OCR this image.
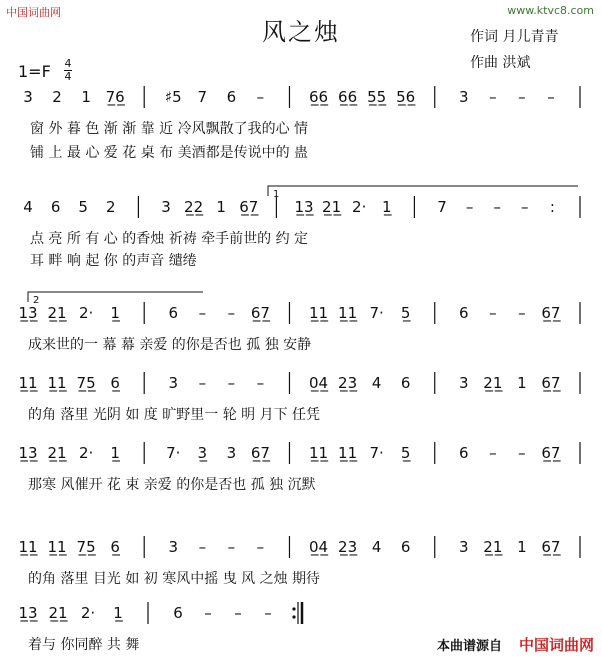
中国词曲网	www.ktvc8.com
风之烛	作词 月儿青青
作曲 洪斌
1=F 4
4
3 2 1 7̲6̲	♯5 7 6 –	6̲6̲ 6̲6̲ 5̲5̲ 5̲6̲	3 – – –
1
4 6 5 2	3 2̲2̲ 1 6̲7̲ 1̲3̲ 2̲1̲ 2· 1̲	7 – – – :
2
1̲3̲ 2̲1̲ 2· 1̲	6 – – 6̲7̲	1̲1̲ 1̲1̲ 7· 5̲	6 – – 6̲7̲
1̲1̲ 1̲1̲ 7̲5̲ 6̲	3 – – –	0̲4̲ 2̲3̲ 4 6	3 2̲1̲ 1 6̲7̲
1̲3̲ 2̲1̲ 2· 1̲	7· 3̲ 3 6̲7̲	1̲1̲ 1̲1̲ 7· 5̲	6 – – 6̲7̲
1̲1̲ 1̲1̲ 7̲5̲ 6̲	3 – – –	0̲4̲ 2̲3̲ 4 6	3 2̲1̲ 1 6̲7̲
1̲3̲ 2̲1̲ 2· 1̲	6 – – –
窗 外 暮 色 渐 渐 靠 近 冷风飘散了我的心 情
铺 上 最 心 爱 花 桌 布 美酒都是传说中的 蛊
点 亮 所 有 心 的香烛 祈祷 牵手前世的 约 定
耳 畔 响 起 你 的声音 缱绻
成来世的一 幕 幕 亲爱 的你是否也 孤 独 安静
的角 落里 光阴 如 度 旷野里一 轮 明 月下 任凭
那寒 风催开 花 束 亲爱 的你是否也 孤 独 沉默
的角 落里 目光 如 初 寒风中摇 曳 风 之烛 期待
着与 你同醉 共 舞	本曲谱源自 中国词曲网
